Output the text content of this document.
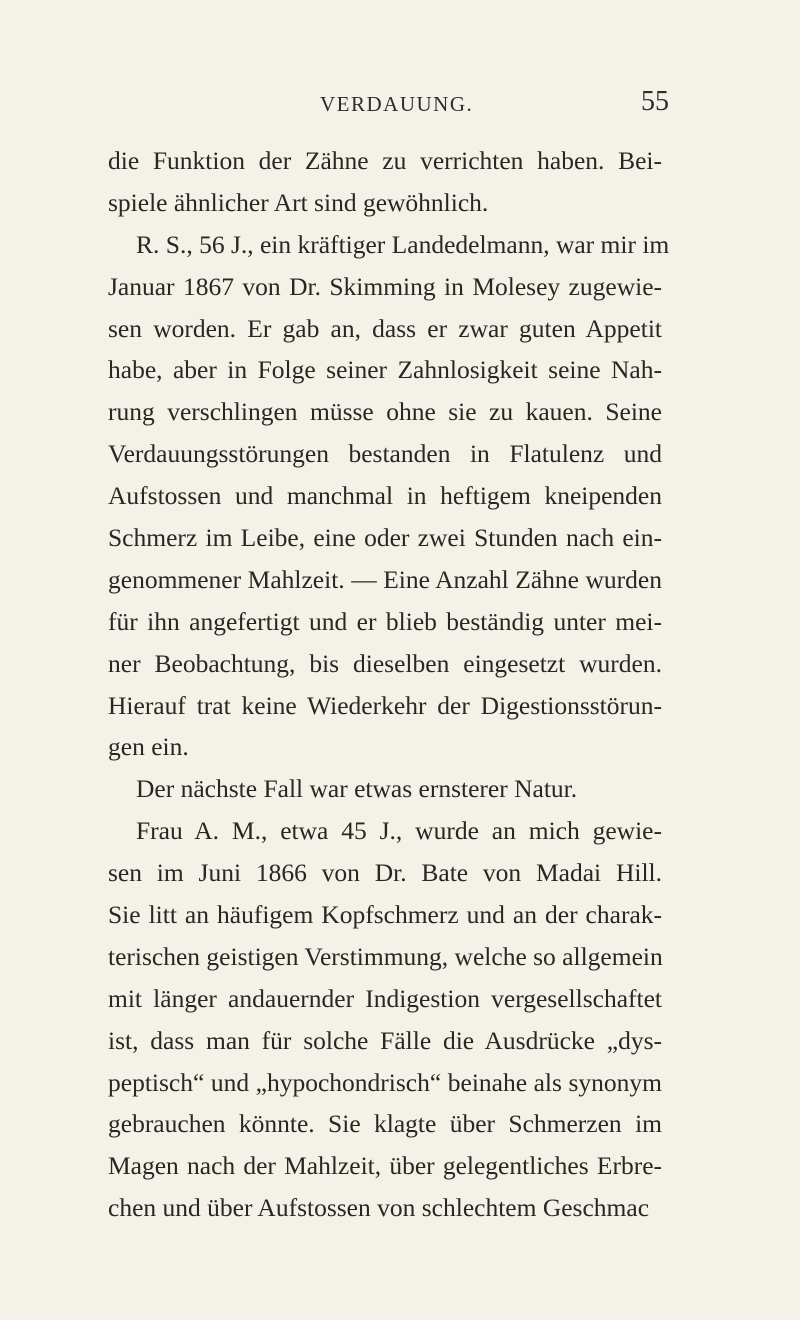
VERDAUUNG.	55
die Funktion der Zähne zu verrichten haben. Bei-
spiele ähnlicher Art sind gewöhnlich.
R. S., 56 J., ein kräftiger Landedelmann, war mir im
Januar 1867 von Dr. Skimming in Molesey zugewie-
sen worden. Er gab an, dass er zwar guten Appetit
habe, aber in Folge seiner Zahnlosigkeit seine Nah-
rung verschlingen müsse ohne sie zu kauen. Seine
Verdauungsstörungen bestanden in Flatulenz und
Aufstossen und manchmal in heftigem kneipenden
Schmerz im Leibe, eine oder zwei Stunden nach ein-
genommener Mahlzeit. — Eine Anzahl Zähne wurden
für ihn angefertigt und er blieb beständig unter mei-
ner Beobachtung, bis dieselben eingesetzt wurden.
Hierauf trat keine Wiederkehr der Digestionsstörun-
gen ein.
Der nächste Fall war etwas ernsterer Natur.
Frau A. M., etwa 45 J., wurde an mich gewie-
sen im Juni 1866 von Dr. Bate von Madai Hill.
Sie litt an häufigem Kopfschmerz und an der charak-
terischen geistigen Verstimmung, welche so allgemein
mit länger andauernder Indigestion vergesellschaftet
ist, dass man für solche Fälle die Ausdrücke „dys-
peptisch“ und „hypochondrisch“ beinahe als synonym
gebrauchen könnte. Sie klagte über Schmerzen im
Magen nach der Mahlzeit, über gelegentliches Erbre-
chen und über Aufstossen von schlechtem Geschmac
